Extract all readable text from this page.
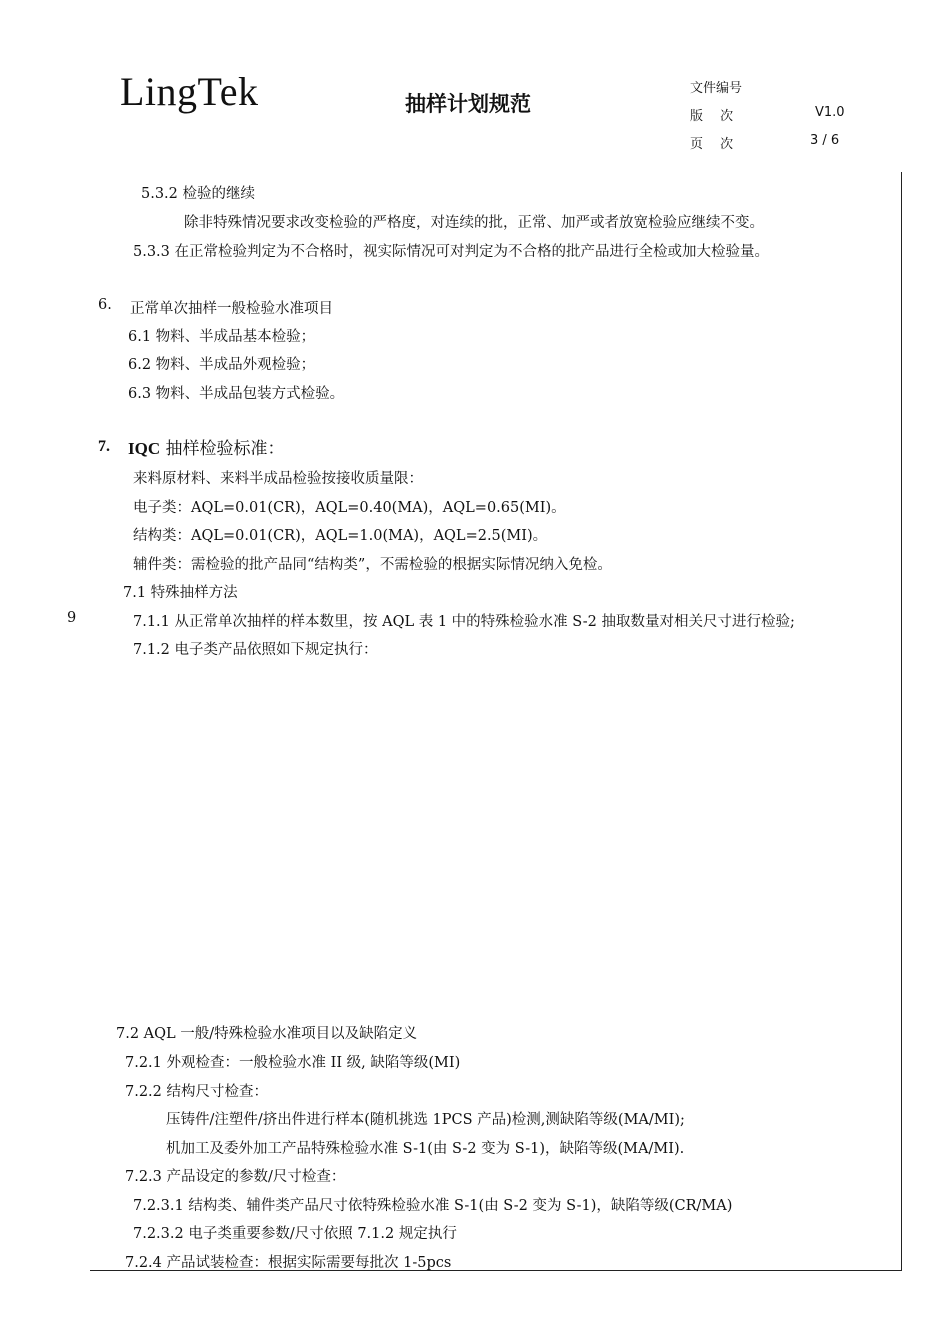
LingTek	抽样计划规范
文件编号
版　 次	V1.0
页　 次	3 / 6
5.3.2 检验的继续
除非特殊情况要求改变检验的严格度，对连续的批，正常、加严或者放宽检验应继续不变。
5.3.3 在正常检验判定为不合格时，视实际情况可对判定为不合格的批产品进行全检或加大检验量。
6. 正常单次抽样一般检验水准项目
6.1 物料、半成品基本检验；
6.2 物料、半成品外观检验；
6.3 物料、半成品包装方式检验。
7. IQC 抽样检验标准：
来料原材料、来料半成品检验按接收质量限：
电子类：AQL=0.01(CR)，AQL=0.40(MA)，AQL=0.65(MI)。
结构类：AQL=0.01(CR)，AQL=1.0(MA)，AQL=2.5(MI)。
辅件类：需检验的批产品同“结构类”，不需检验的根据实际情况纳入免检。
7.1 特殊抽样方法
9	7.1.1 从正常单次抽样的样本数里，按 AQL 表 1 中的特殊检验水准 S-2 抽取数量对相关尺寸进行检验;
7.1.2 电子类产品依照如下规定执行：
7.2 AQL 一般/特殊检验水准项目以及缺陷定义
7.2.1 外观检查：一般检验水准 II 级, 缺陷等级(MI)
7.2.2 结构尺寸检查：
压铸件/注塑件/挤出件进行样本(随机挑选 1PCS 产品)检测,测缺陷等级(MA/MI);
机加工及委外加工产品特殊检验水准 S-1(由 S-2 变为 S-1)，缺陷等级(MA/MI).
7.2.3 产品设定的参数/尺寸检查：
7.2.3.1 结构类、辅件类产品尺寸依特殊检验水准 S-1(由 S-2 变为 S-1)，缺陷等级(CR/MA)
7.2.3.2 电子类重要参数/尺寸依照 7.1.2 规定执行
7.2.4 产品试装检查：根据实际需要每批次 1-5pcs
